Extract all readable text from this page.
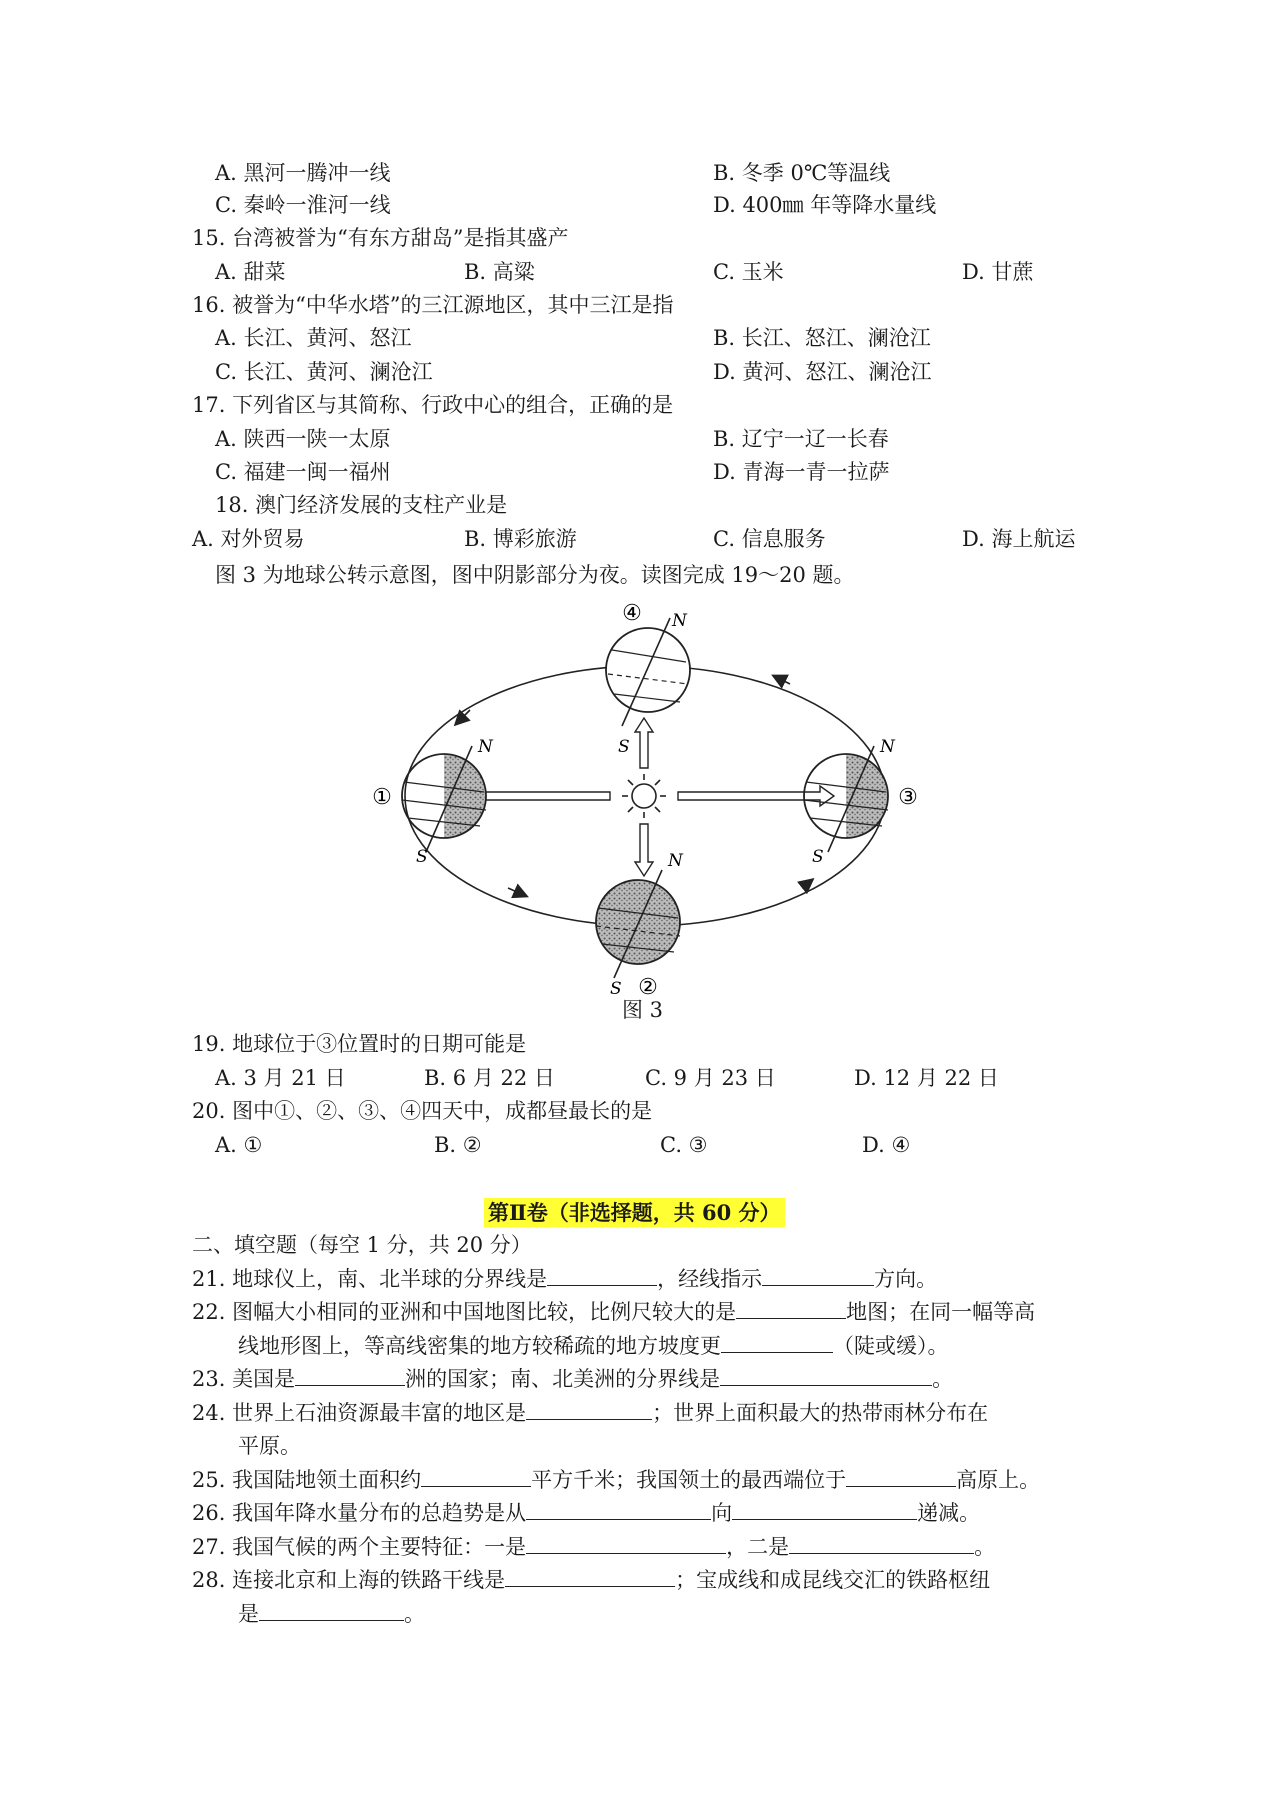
A. 黑河一腾冲一线	B. 冬季 0℃等温线
C. 秦岭一淮河一线	D. 400㎜ 年等降水量线
15. 台湾被誉为“有东方甜岛”是指其盛产
A. 甜菜	B. 高粱	C. 玉米	D. 甘蔗
16. 被誉为“中华水塔”的三江源地区，其中三江是指
A. 长江、黄河、怒江	B. 长江、怒江、澜沧江
C. 长江、黄河、澜沧江	D. 黄河、怒江、澜沧江
17. 下列省区与其简称、行政中心的组合，正确的是
A. 陕西一陕一太原	B. 辽宁一辽一长春
C. 福建一闽一福州	D. 青海一青一拉萨
18. 澳门经济发展的支柱产业是
A. 对外贸易	B. 博彩旅游	C. 信息服务	D. 海上航运
图 3 为地球公转示意图，图中阴影部分为夜。读图完成 19～20 题。
N
S
④
N
S
①
N
S
③
N
S ②
图 3
19. 地球位于③位置时的日期可能是
A. 3 月 21 日	B. 6 月 22 日	C. 9 月 23 日	D. 12 月 22 日
20. 图中①、②、③、④四天中，成都昼最长的是
A. ①	B. ②	C. ③	D. ④
第Ⅱ卷（非选择题，共 60 分）
二、填空题（每空 1 分，共 20 分）
21. 地球仪上，南、北半球的分界线是	，经线指示	方向。
22. 图幅大小相同的亚洲和中国地图比较，比例尺较大的是	地图；在同一幅等高
线地形图上，等高线密集的地方较稀疏的地方坡度更	（陡或缓）。
23. 美国是	洲的国家；南、北美洲的分界线是	。
24. 世界上石油资源最丰富的地区是	；世界上面积最大的热带雨林分布在
平原。
25. 我国陆地领土面积约	平方千米；我国领土的最西端位于	高原上。
26. 我国年降水量分布的总趋势是从	向	递减。
27. 我国气候的两个主要特征：一是	，二是	。
28. 连接北京和上海的铁路干线是	；宝成线和成昆线交汇的铁路枢纽
是	。
